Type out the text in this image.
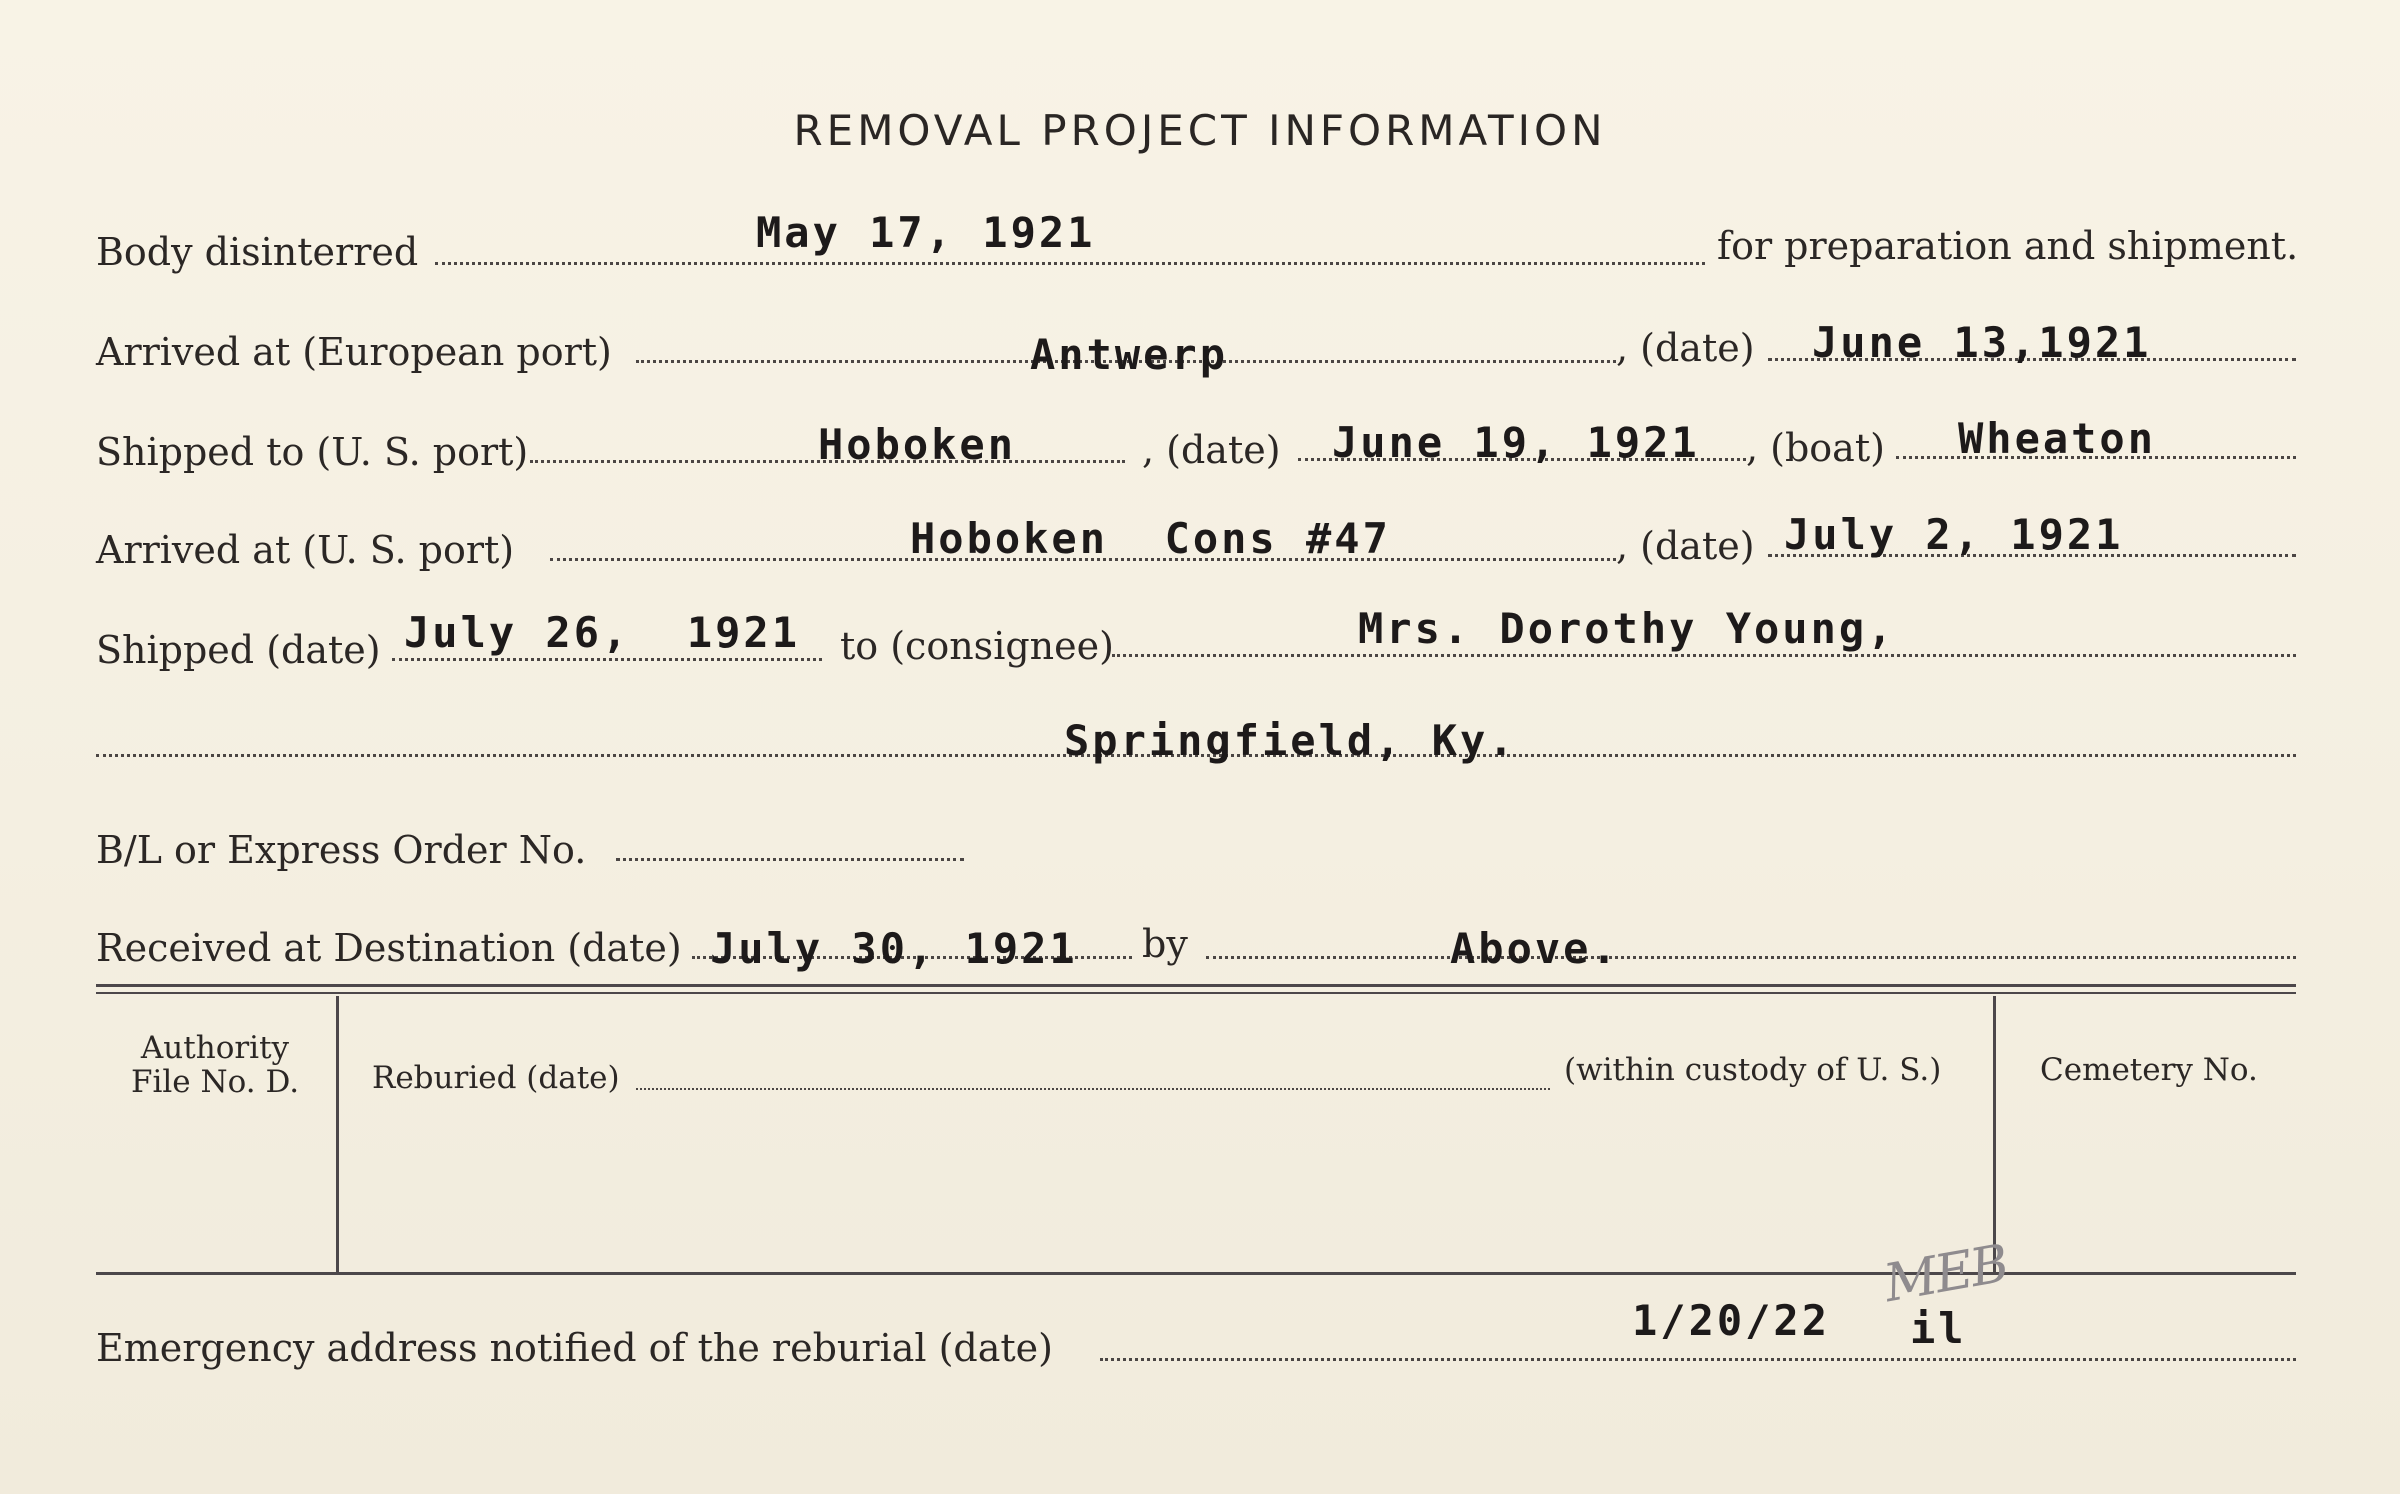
REMOVAL PROJECT INFORMATION
Body disinterred	May 17, 1921	for preparation and shipment.
Arrived at (European port)	Antwerp	, (date) June 13,1921
Shipped to (U. S. port)	Hoboken	, (date) June 19, 1921 , (boat) Wheaton
Arrived at (U. S. port)	Hoboken  Cons #47	, (date) July 2, 1921
Shipped (date) July 26,  1921 to (consignee)	Mrs. Dorothy Young,
Springfield, Ky.
B/L or Express Order No.
Received at Destination (date) July 30, 1921 by	Above.
Authority
File No. D.	Reburied (date)	(within custody of U. S.)	Cemetery No.
Emergency address notified of the reburial (date)
1/20/22 il
MEB
